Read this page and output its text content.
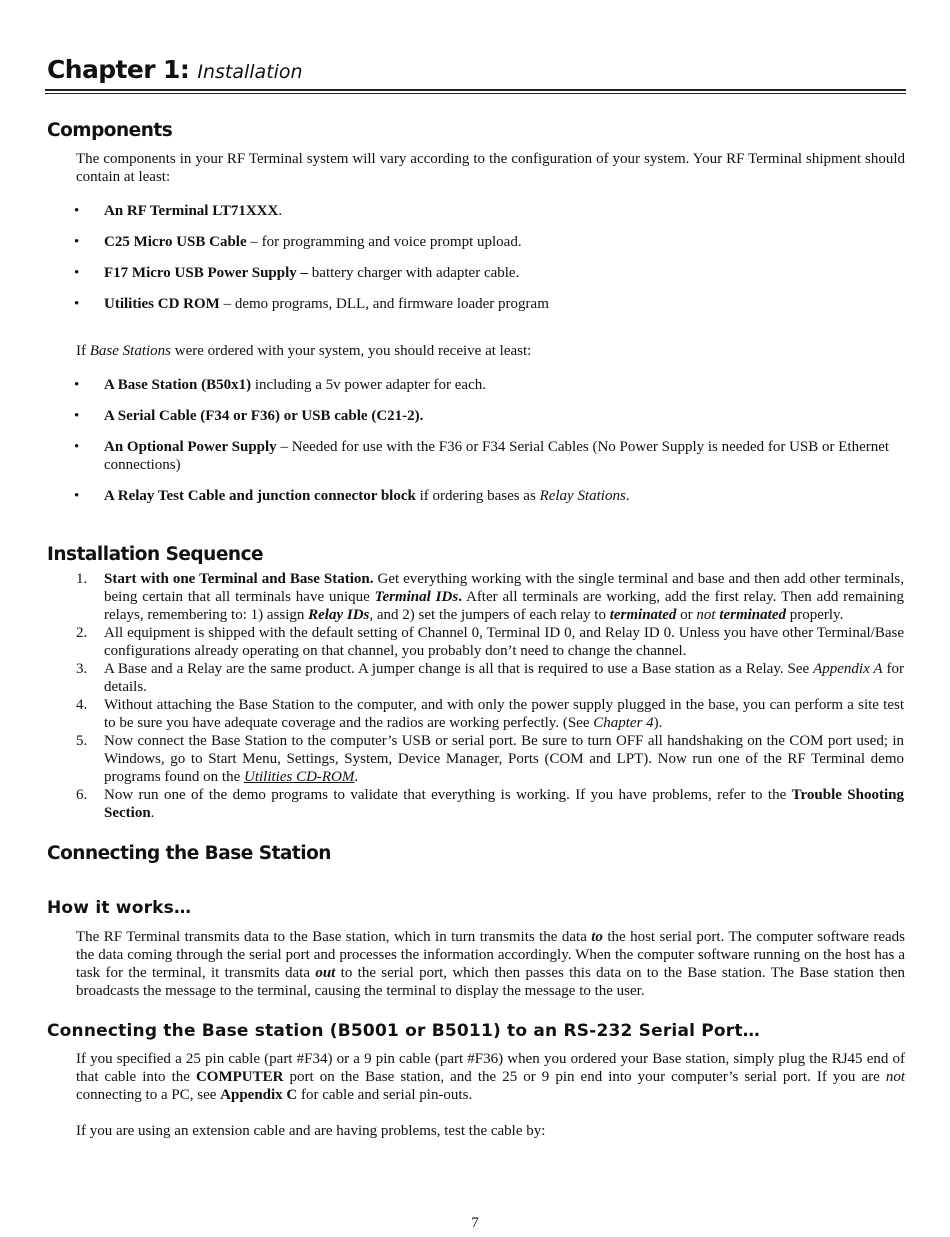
Chapter 1: Installation
Components

The components in your RF Terminal system will vary according to the configuration of your system. Your RF Terminal shipment should contain at least:

• An RF Terminal LT71XXX.
• C25 Micro USB Cable – for programming and voice prompt upload.
• F17 Micro USB Power Supply – battery charger with adapter cable.
• Utilities CD ROM – demo programs, DLL, and firmware loader program

If Base Stations were ordered with your system, you should receive at least:

• A Base Station (B50x1) including a 5v power adapter for each.
• A Serial Cable (F34 or F36) or USB cable (C21-2).
• An Optional Power Supply – Needed for use with the F36 or F34 Serial Cables (No Power Supply is needed for USB or Ethernet connections)
• A Relay Test Cable and junction connector block if ordering bases as Relay Stations.
Installation Sequence
1. Start with one Terminal and Base Station. Get everything working with the single terminal and base and then add other terminals, being certain that all terminals have unique Terminal IDs. After all terminals are working, add the first relay. Then add remaining relays, remembering to: 1) assign Relay IDs, and 2) set the jumpers of each relay to terminated or not terminated properly.
2. All equipment is shipped with the default setting of Channel 0, Terminal ID 0, and Relay ID 0. Unless you have other Terminal/Base configurations already operating on that channel, you probably don’t need to change the channel.
3. A Base and a Relay are the same product. A jumper change is all that is required to use a Base station as a Relay. See Appendix A for details.
4. Without attaching the Base Station to the computer, and with only the power supply plugged in the base, you can perform a site test to be sure you have adequate coverage and the radios are working perfectly. (See Chapter 4).
5. Now connect the Base Station to the computer’s USB or serial port. Be sure to turn OFF all handshaking on the COM port used; in Windows, go to Start Menu, Settings, System, Device Manager, Ports (COM and LPT). Now run one of the RF Terminal demo programs found on the Utilities CD-ROM.
6. Now run one of the demo programs to validate that everything is working. If you have problems, refer to the Trouble Shooting Section.
Connecting the Base Station
How it works…

The RF Terminal transmits data to the Base station, which in turn transmits the data to the host serial port. The computer software reads the data coming through the serial port and processes the information accordingly. When the computer software running on the host has a task for the terminal, it transmits data out to the serial port, which then passes this data on to the Base station. The Base station then broadcasts the message to the terminal, causing the terminal to display the message to the user.

Connecting the Base station (B5001 or B5011) to an RS-232 Serial Port…

If you specified a 25 pin cable (part #F34) or a 9 pin cable (part #F36) when you ordered your Base station, simply plug the RJ45 end of that cable into the COMPUTER port on the Base station, and the 25 or 9 pin end into your computer’s serial port. If you are not connecting to a PC, see Appendix C for cable and serial pin-outs.

If you are using an extension cable and are having problems, test the cable by:

7
